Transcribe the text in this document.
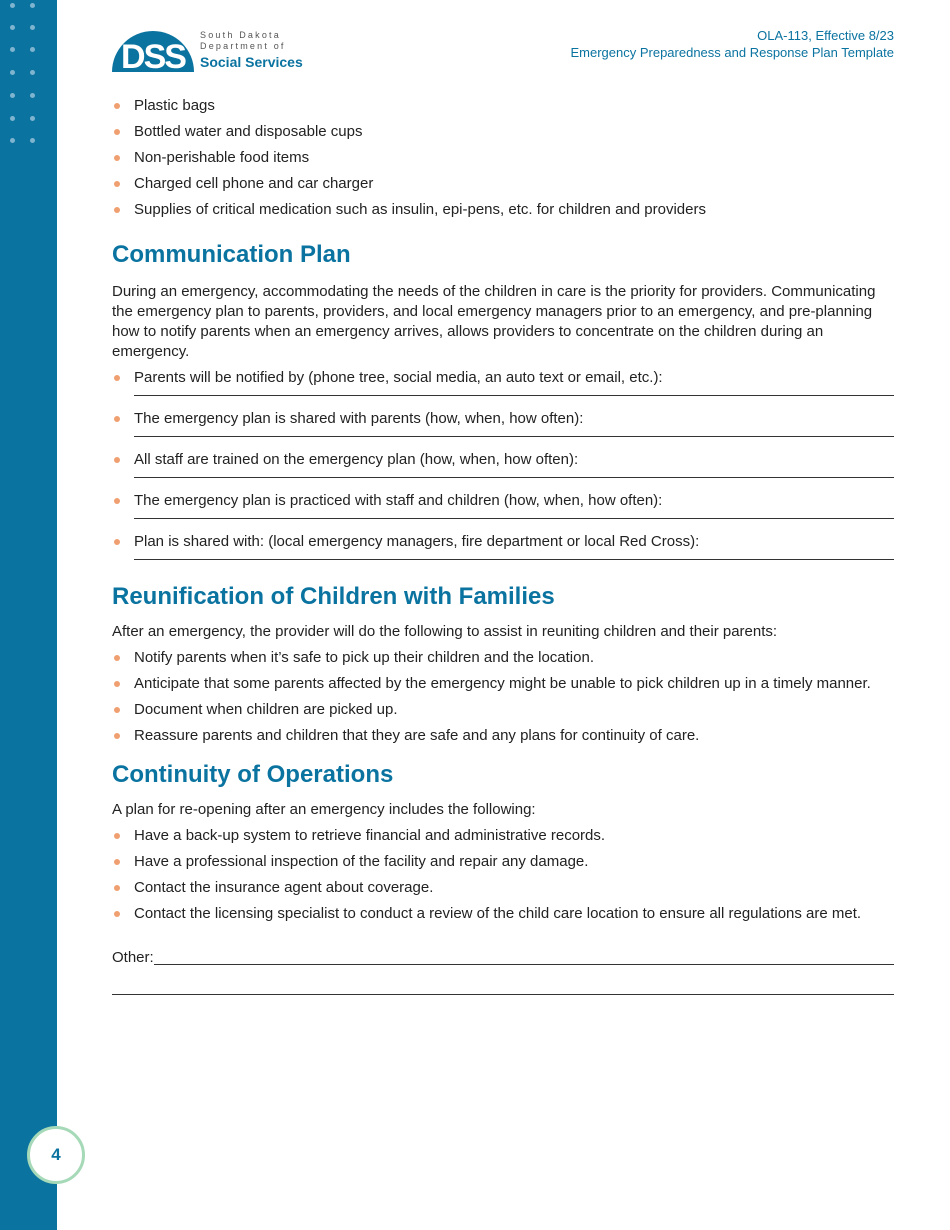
4
DSS
South Dakota
Department of
Social Services
OLA-113, Effective 8/23
Emergency Preparedness and Response Plan Template
Plastic bags
Bottled water and disposable cups
Non-perishable food items
Charged cell phone and car charger
Supplies of critical medication such as insulin, epi-pens, etc. for children and providers
Communication Plan

During an emergency, accommodating the needs of the children in care is the priority for providers. Communicating the emergency plan to parents, providers, and local emergency managers prior to an emergency, and pre-planning how to notify parents when an emergency arrives, allows providers to concentrate on the children during an emergency.

Parents will be notified by (phone tree, social media, an auto text or email, etc.):
The emergency plan is shared with parents (how, when, how often):
All staff are trained on the emergency plan (how, when, how often):
The emergency plan is practiced with staff and children (how, when, how often):
Plan is shared with: (local emergency managers, fire department or local Red Cross):
Reunification of Children with Families

After an emergency, the provider will do the following to assist in reuniting children and their parents:

Notify parents when it’s safe to pick up their children and the location.
Anticipate that some parents affected by the emergency might be unable to pick children up in a timely manner.
Document when children are picked up.
Reassure parents and children that they are safe and any plans for continuity of care.
Continuity of Operations

A plan for re-opening after an emergency includes the following:

Have a back-up system to retrieve financial and administrative records.
Have a professional inspection of the facility and repair any damage.
Contact the insurance agent about coverage.
Contact the licensing specialist to conduct a review of the child care location to ensure all regulations are met.
Other:
